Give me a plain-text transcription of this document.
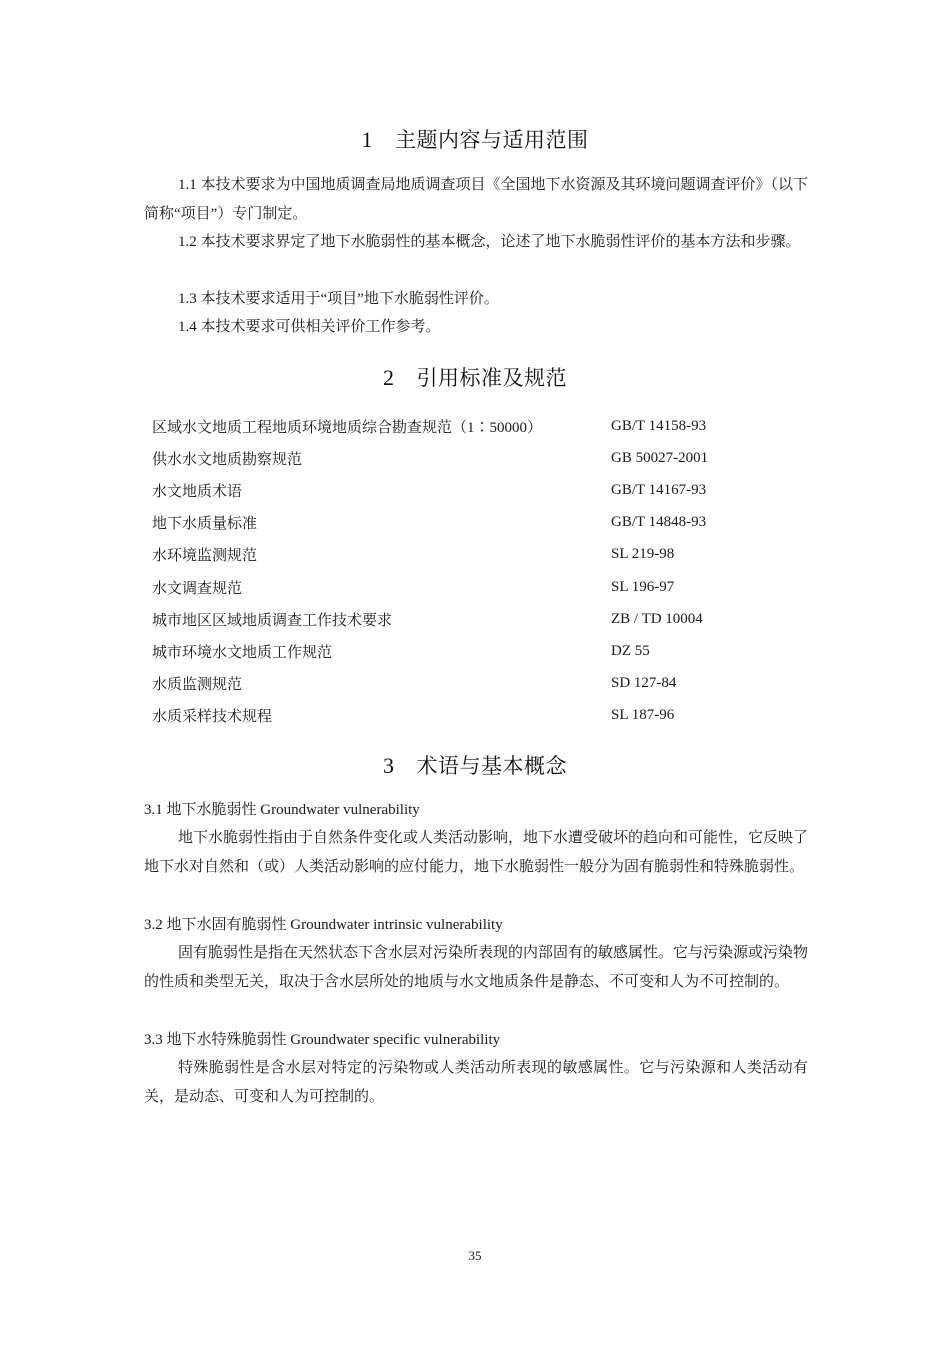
1 主题内容与适用范围
1.1 本技术要求为中国地质调查局地质调查项目《全国地下水资源及其环境问题调查评价》（以下简称“项目”）专门制定。
1.2 本技术要求界定了地下水脆弱性的基本概念，论述了地下水脆弱性评价的基本方法和步骤。
1.3 本技术要求适用于“项目”地下水脆弱性评价。
1.4 本技术要求可供相关评价工作参考。
2 引用标准及规范
区域水文地质工程地质环境地质综合勘查规范（1∶50000）	GB/T 14158-93
供水水文地质勘察规范	GB 50027-2001
水文地质术语	GB/T 14167-93
地下水质量标准	GB/T 14848-93
水环境监测规范	SL 219-98
水文调查规范	SL 196-97
城市地区区域地质调查工作技术要求	ZB / TD 10004
城市环境水文地质工作规范	DZ 55
水质监测规范	SD 127-84
水质采样技术规程	SL 187-96
3 术语与基本概念
3.1 地下水脆弱性 Groundwater vulnerability
地下水脆弱性指由于自然条件变化或人类活动影响，地下水遭受破坏的趋向和可能性，它反映了地下水对自然和（或）人类活动影响的应付能力，地下水脆弱性一般分为固有脆弱性和特殊脆弱性。
3.2 地下水固有脆弱性 Groundwater intrinsic vulnerability
固有脆弱性是指在天然状态下含水层对污染所表现的内部固有的敏感属性。它与污染源或污染物的性质和类型无关，取决于含水层所处的地质与水文地质条件是静态、不可变和人为不可控制的。
3.3 地下水特殊脆弱性 Groundwater specific vulnerability
特殊脆弱性是含水层对特定的污染物或人类活动所表现的敏感属性。它与污染源和人类活动有关，是动态、可变和人为可控制的。
35
